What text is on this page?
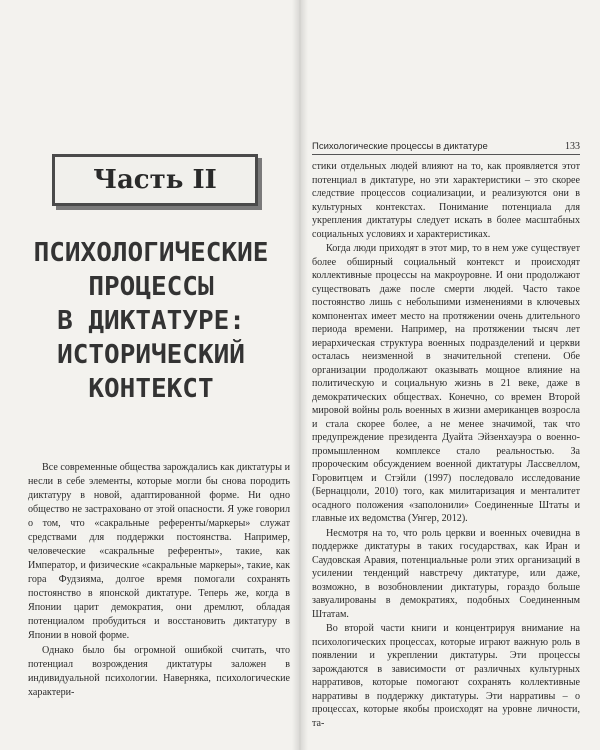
Часть II
ПСИХОЛОГИЧЕСКИЕ
ПРОЦЕССЫ
В ДИКТАТУРЕ:
ИСТОРИЧЕСКИЙ
КОНТЕКСТ

Все современные общества зарождались как диктатуры и несли в себе элементы, которые могли бы снова породить диктатуру в новой, адаптированной форме. Ни одно общество не застраховано от этой опасности. Я уже говорил о том, что «сакральные референты/маркеры» служат средствами для поддержки постоянства. Например, человеческие «сакральные референты», такие, как Император, и физические «сакральные маркеры», такие, как гора Фудзияма, долгое время помогали сохранять постоянство в японской диктатуре. Теперь же, когда в Японии царит демократия, они дремлют, обладая потенциалом пробудиться и восстановить диктатуру в Японии в новой форме.

Однако было бы огромной ошибкой считать, что потенциал возрождения диктатуры заложен в индивидуальной психологии. Наверняка, психологические характери-

Психологические процессы в диктатуре	133

стики отдельных людей влияют на то, как проявляется этот потенциал в диктатуре, но эти характеристики – это скорее следствие процессов социализации, и реализуются они в культурных контекстах. Понимание потенциала для укрепления диктатуры следует искать в более масштабных социальных условиях и характеристиках.

Когда люди приходят в этот мир, то в нем уже существует более обширный социальный контекст и происходят коллективные процессы на макроуровне. И они продолжают существовать даже после смерти людей. Часто такое постоянство лишь с небольшими изменениями в ключевых компонентах имеет место на протяжении очень длительного периода времени. Например, на протяжении тысяч лет иерархическая структура военных подразделений и церкви осталась неизменной в значительной степени. Обе организации продолжают оказывать мощное влияние на политическую и социальную жизнь в 21 веке, даже в демократических обществах. Конечно, со времен Второй мировой войны роль военных в жизни американцев возросла и стала скорее более, а не менее значимой, так что предупреждение президента Дуайта Эйзенхауэра о военно-промышленном комплексе стало реальностью. За пророческим обсуждением военной диктатуры Лассвеллом, Горовитцем и Стэйли (1997) последовало исследование (Бернаццоли, 2010) того, как милитаризация и менталитет осадного положения «заполонили» Соединенные Штаты и главные их ведомства (Унгер, 2012).

Несмотря на то, что роль церкви и военных очевидна в поддержке диктатуры в таких государствах, как Иран и Саудовская Аравия, потенциальные роли этих организаций в усилении тенденций навстречу диктатуре, или даже, возможно, в возобновлении диктатуры, гораздо больше завуалированы в демократиях, подобных Соединенным Штатам.

Во второй части книги и концентрируя внимание на психологических процессах, которые играют важную роль в появлении и укреплении диктатуры. Эти процессы зарождаются в зависимости от различных культурных нарративов, которые помогают сохранять коллективные нарративы в поддержку диктатуры. Эти нарративы – о процессах, которые якобы происходят на уровне личности, та-
